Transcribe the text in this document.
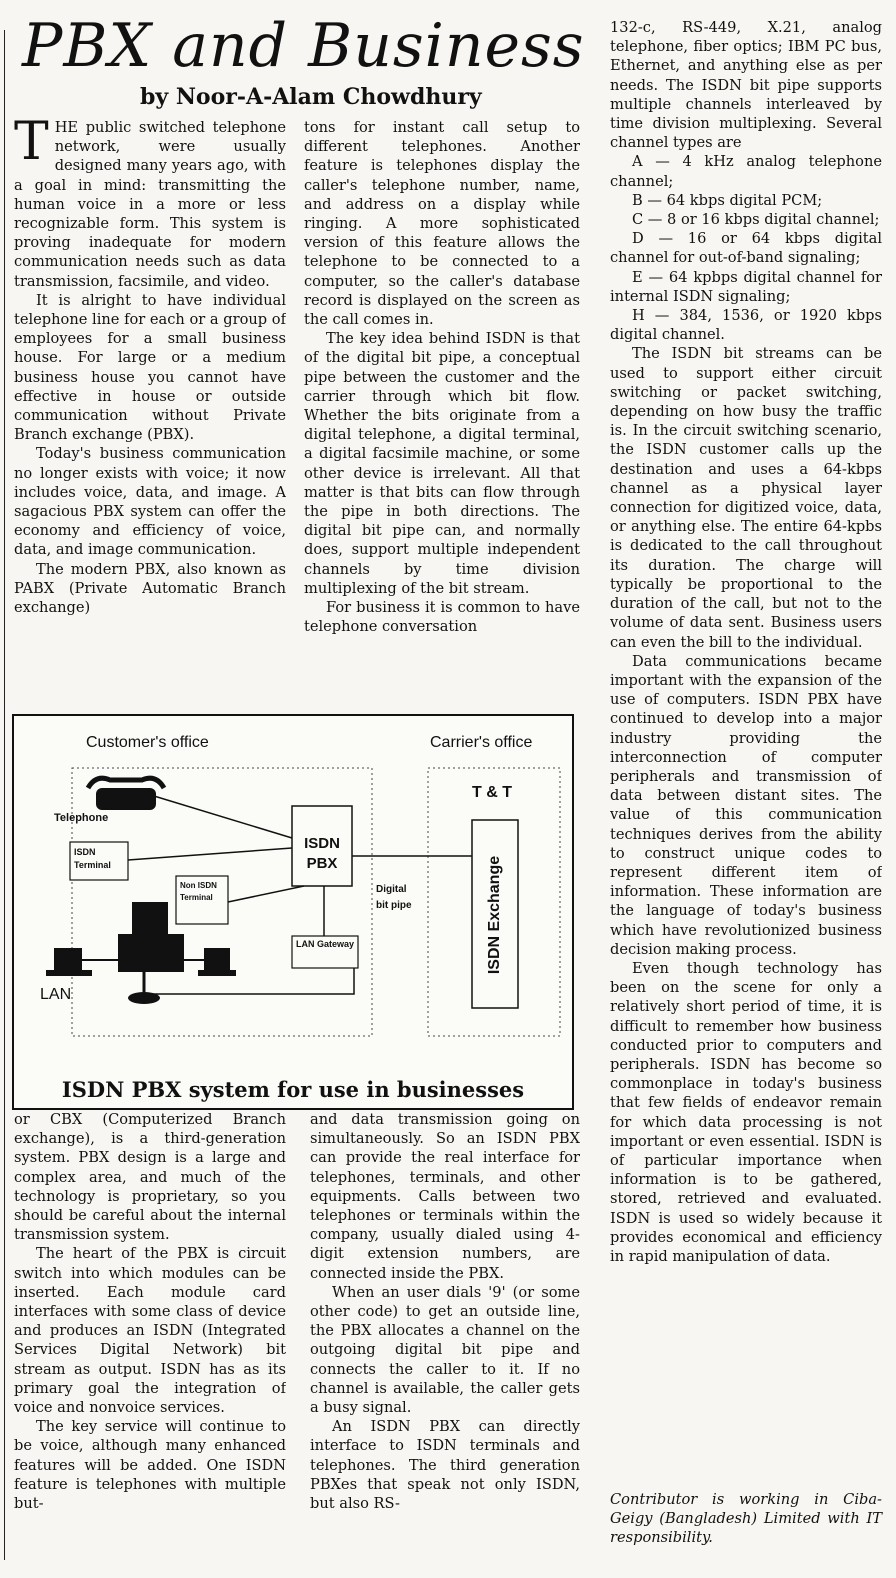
PBX and Business
by Noor-A-Alam Chowdhury

THE public switched telephone network, were usually designed many years ago, with a goal in mind: transmitting the human voice in a more or less recognizable form. This system is proving inadequate for modern communication needs such as data transmission, facsimile, and video.

It is alright to have individual telephone line for each or a group of employees for a small business house. For large or a medium business house you cannot have effective in house or outside communication without Private Branch exchange (PBX).

Today's business communication no longer exists with voice; it now includes voice, data, and image. A sagacious PBX system can offer the economy and efficiency of voice, data, and image communication.

The modern PBX, also known as PABX (Private Automatic Branch exchange)

tons for instant call setup to different telephones. Another feature is telephones display the caller's telephone number, name, and address on a display while ringing. A more sophisticated version of this feature allows the telephone to be connected to a computer, so the caller's database record is displayed on the screen as the call comes in.

The key idea behind ISDN is that of the digital bit pipe, a conceptual pipe between the customer and the carrier through which bit flow. Whether the bits originate from a digital telephone, a digital terminal, a digital facsimile machine, or some other device is irrelevant. All that matter is that bits can flow through the pipe in both directions. The digital bit pipe can, and normally does, support multiple independent channels by time division multiplexing of the bit stream.

For business it is common to have telephone conversation

132-c, RS-449, X.21, analog telephone, fiber optics; IBM PC bus, Ethernet, and anything else as per needs. The ISDN bit pipe supports multiple channels interleaved by time division multiplexing. Several channel types are

A — 4 kHz analog telephone channel;

B — 64 kbps digital PCM;

C — 8 or 16 kbps digital channel;

D — 16 or 64 kbps digital channel for out-of-band signaling;

E — 64 kpbps digital channel for internal ISDN signaling;

H — 384, 1536, or 1920 kbps digital channel.

The ISDN bit streams can be used to support either circuit switching or packet switching, depending on how busy the traffic is. In the circuit switching scenario, the ISDN customer calls up the destination and uses a 64-kbps channel as a physical layer connection for digitized voice, data, or anything else. The entire 64-kpbs is dedicated to the call throughout its duration. The charge will typically be proportional to the duration of the call, but not to the volume of data sent. Business users can even the bill to the individual.

Data communications became important with the expansion of the use of computers. ISDN PBX have continued to develop into a major industry providing the interconnection of computer peripherals and transmission of data between distant sites. The value of this communication techniques derives from the ability to construct unique codes to represent different item of information. These information are the language of today's business which have revolutionized business decision making process.

Even though technology has been on the scene for only a relatively short period of time, it is difficult to remember how business conducted prior to computers and peripherals. ISDN has become so commonplace in today's business that few fields of endeavor remain for which data processing is not important or even essential. ISDN is of particular importance when information is to be gathered, stored, retrieved and evaluated. ISDN is used so widely because it provides economical and efficiency in rapid manipulation of data.

Contributor is working in Ciba-Geigy (Bangladesh) Limited with IT responsibility.
Customer's office	Carrier's office
Telephone
ISDN Terminal
Non ISDN Terminal
ISDN PBX
LAN Gateway
Digital bit pipe
LAN
T & T
ISDN Exchange
ISDN PBX system for use in businesses

or CBX (Computerized Branch exchange), is a third-generation system. PBX design is a large and complex area, and much of the technology is proprietary, so you should be careful about the internal transmission system.

The heart of the PBX is circuit switch into which modules can be inserted. Each module card interfaces with some class of device and produces an ISDN (Integrated Services Digital Network) bit stream as output. ISDN has as its primary goal the integration of voice and nonvoice services.

The key service will continue to be voice, although many enhanced features will be added. One ISDN feature is telephones with multiple but-

and data transmission going on simultaneously. So an ISDN PBX can provide the real interface for telephones, terminals, and other equipments. Calls between two telephones or terminals within the company, usually dialed using 4-digit extension numbers, are connected inside the PBX.

When an user dials '9' (or some other code) to get an outside line, the PBX allocates a channel on the outgoing digital bit pipe and connects the caller to it. If no channel is available, the caller gets a busy signal.

An ISDN PBX can directly interface to ISDN terminals and telephones. The third generation PBXes that speak not only ISDN, but also RS-
